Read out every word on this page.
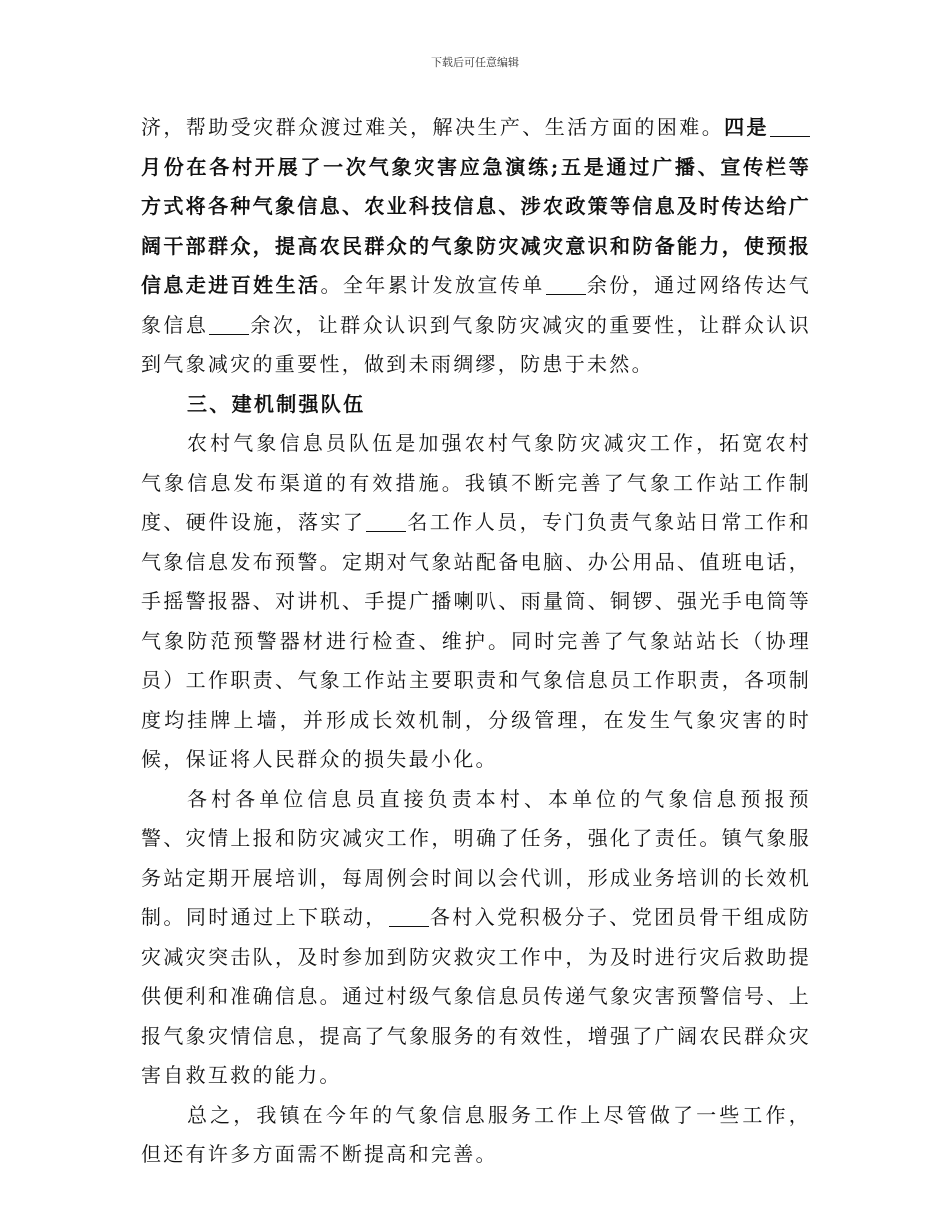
下载后可任意编辑

济，帮助受灾群众渡过难关，解决生产、生活方面的困难。四是月份在各村开展了一次气象灾害应急演练;五是通过广播、宣传栏等方式将各种气象信息、农业科技信息、涉农政策等信息及时传达给广阔干部群众，提高农民群众的气象防灾减灾意识和防备能力，使预报信息走进百姓生活。全年累计发放宣传单 余份，通过网络传达气象信息 余次，让群众认识到气象防灾减灾的重要性，让群众认识到气象减灾的重要性，做到未雨绸缪，防患于未然。

三、建机制强队伍

农村气象信息员队伍是加强农村气象防灾减灾工作，拓宽农村气象信息发布渠道的有效措施。我镇不断完善了气象工作站工作制度、硬件设施，落实了 名工作人员，专门负责气象站日常工作和气象信息发布预警。定期对气象站配备电脑、办公用品、值班电话，手摇警报器、对讲机、手提广播喇叭、雨量筒、铜锣、强光手电筒等气象防范预警器材进行检查、维护。同时完善了气象站站长（协理员）工作职责、气象工作站主要职责和气象信息员工作职责，各项制度均挂牌上墙，并形成长效机制，分级管理，在发生气象灾害的时候，保证将人民群众的损失最小化。

各村各单位信息员直接负责本村、本单位的气象信息预报预警、灾情上报和防灾减灾工作，明确了任务，强化了责任。镇气象服务站定期开展培训，每周例会时间以会代训，形成业务培训的长效机制。同时通过上下联动， 各村入党积极分子、党团员骨干组成防灾减灾突击队，及时参加到防灾救灾工作中，为及时进行灾后救助提供便利和准确信息。通过村级气象信息员传递气象灾害预警信号、上报气象灾情信息，提高了气象服务的有效性，增强了广阔农民群众灾害自救互救的能力。

总之，我镇在今年的气象信息服务工作上尽管做了一些工作，但还有许多方面需不断提高和完善。
